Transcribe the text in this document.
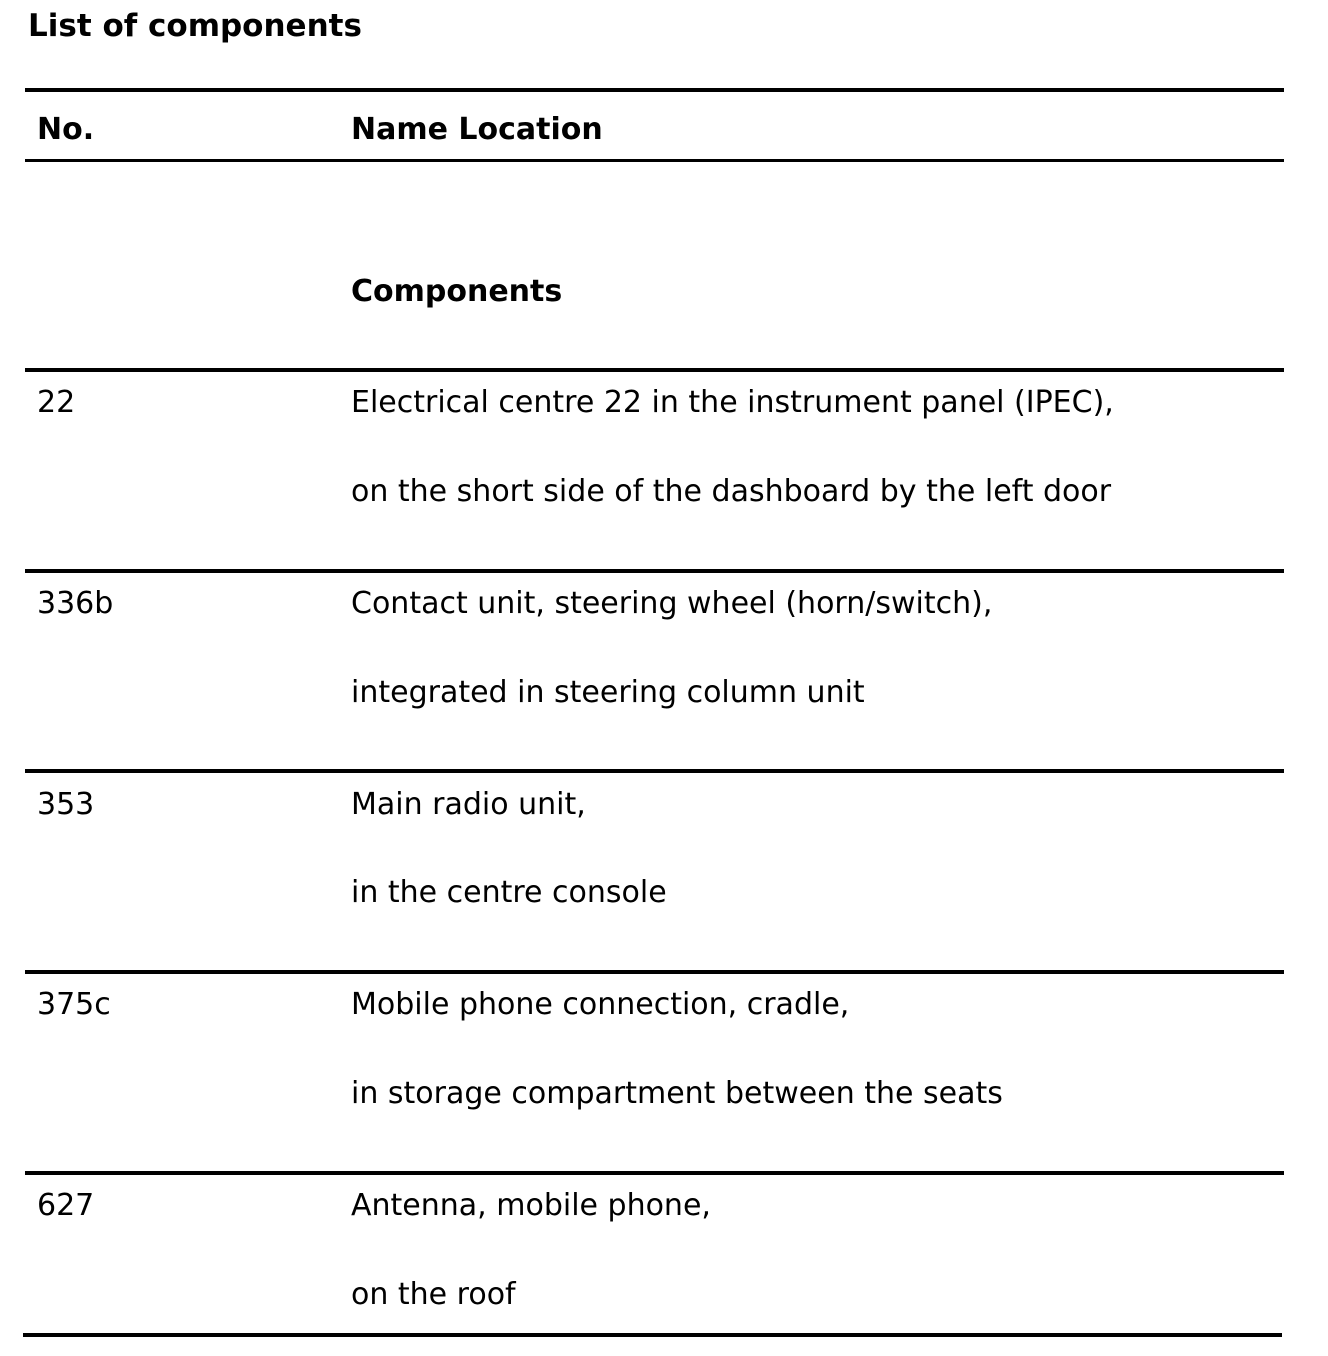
List of components
No.	Name Location
Components
22	Electrical centre 22 in the instrument panel (IPEC),
on the short side of the dashboard by the left door
336b	Contact unit, steering wheel (horn/switch),
integrated in steering column unit
353	Main radio unit,
in the centre console
375c	Mobile phone connection, cradle,
in storage compartment between the seats
627	Antenna, mobile phone,
on the roof
